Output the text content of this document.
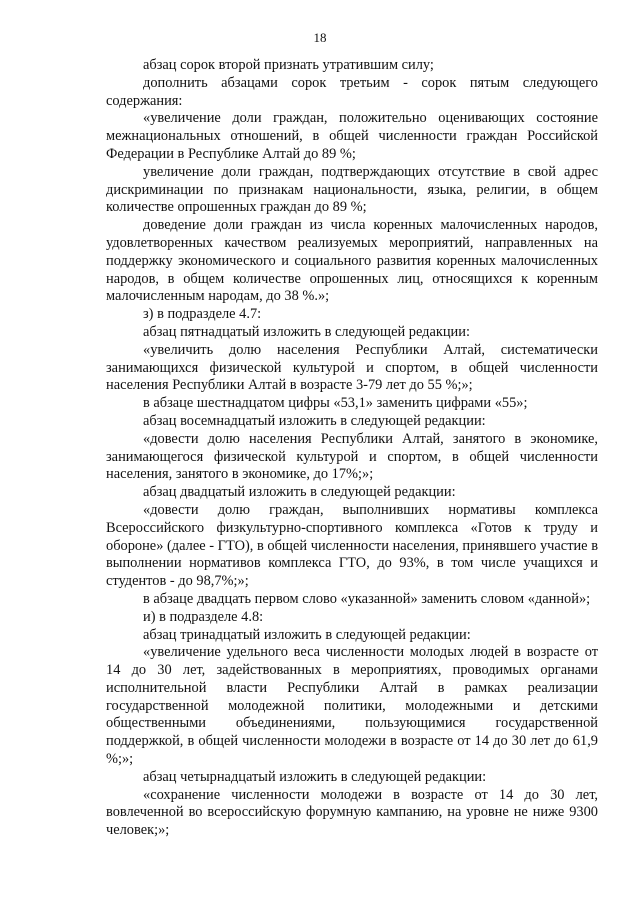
18

абзац сорок второй признать утратившим силу;

дополнить абзацами сорок третьим - сорок пятым следующего содержания:

«увеличение доли граждан, положительно оценивающих состояние межнациональных отношений, в общей численности граждан Российской Федерации в Республике Алтай до 89 %;

увеличение доли граждан, подтверждающих отсутствие в свой адрес дискриминации по признакам национальности, языка, религии, в общем количестве опрошенных граждан до 89 %;

доведение доли граждан из числа коренных малочисленных народов, удовлетворенных качеством реализуемых мероприятий, направленных на поддержку экономического и социального развития коренных малочисленных народов, в общем количестве опрошенных лиц, относящихся к коренным малочисленным народам, до 38 %.»;

з) в подразделе 4.7:

абзац пятнадцатый изложить в следующей редакции:

«увеличить долю населения Республики Алтай, систематически занимающихся физической культурой и спортом, в общей численности населения Республики Алтай в возрасте 3-79 лет до 55 %;»;

в абзаце шестнадцатом цифры «53,1» заменить цифрами «55»;

абзац восемнадцатый изложить в следующей редакции:

«довести долю населения Республики Алтай, занятого в экономике, занимающегося физической культурой и спортом, в общей численности населения, занятого в экономике, до 17%;»;

абзац двадцатый изложить в следующей редакции:

«довести долю граждан, выполнивших нормативы комплекса Всероссийского физкультурно-спортивного комплекса «Готов к труду и обороне» (далее - ГТО), в общей численности населения, принявшего участие в выполнении нормативов комплекса ГТО, до 93%, в том числе учащихся и студентов - до 98,7%;»;

в абзаце двадцать первом слово «указанной» заменить словом «данной»;

и) в подразделе 4.8:

абзац тринадцатый изложить в следующей редакции:

«увеличение удельного веса численности молодых людей в возрасте от 14 до 30 лет, задействованных в мероприятиях, проводимых органами исполнительной власти Республики Алтай в рамках реализации государственной молодежной политики, молодежными и детскими общественными объединениями, пользующимися государственной поддержкой, в общей численности молодежи в возрасте от 14 до 30 лет до 61,9 %;»;

абзац четырнадцатый изложить в следующей редакции:

«сохранение численности молодежи в возрасте от 14 до 30 лет, вовлеченной во всероссийскую форумную кампанию, на уровне не ниже 9300 человек;»;
